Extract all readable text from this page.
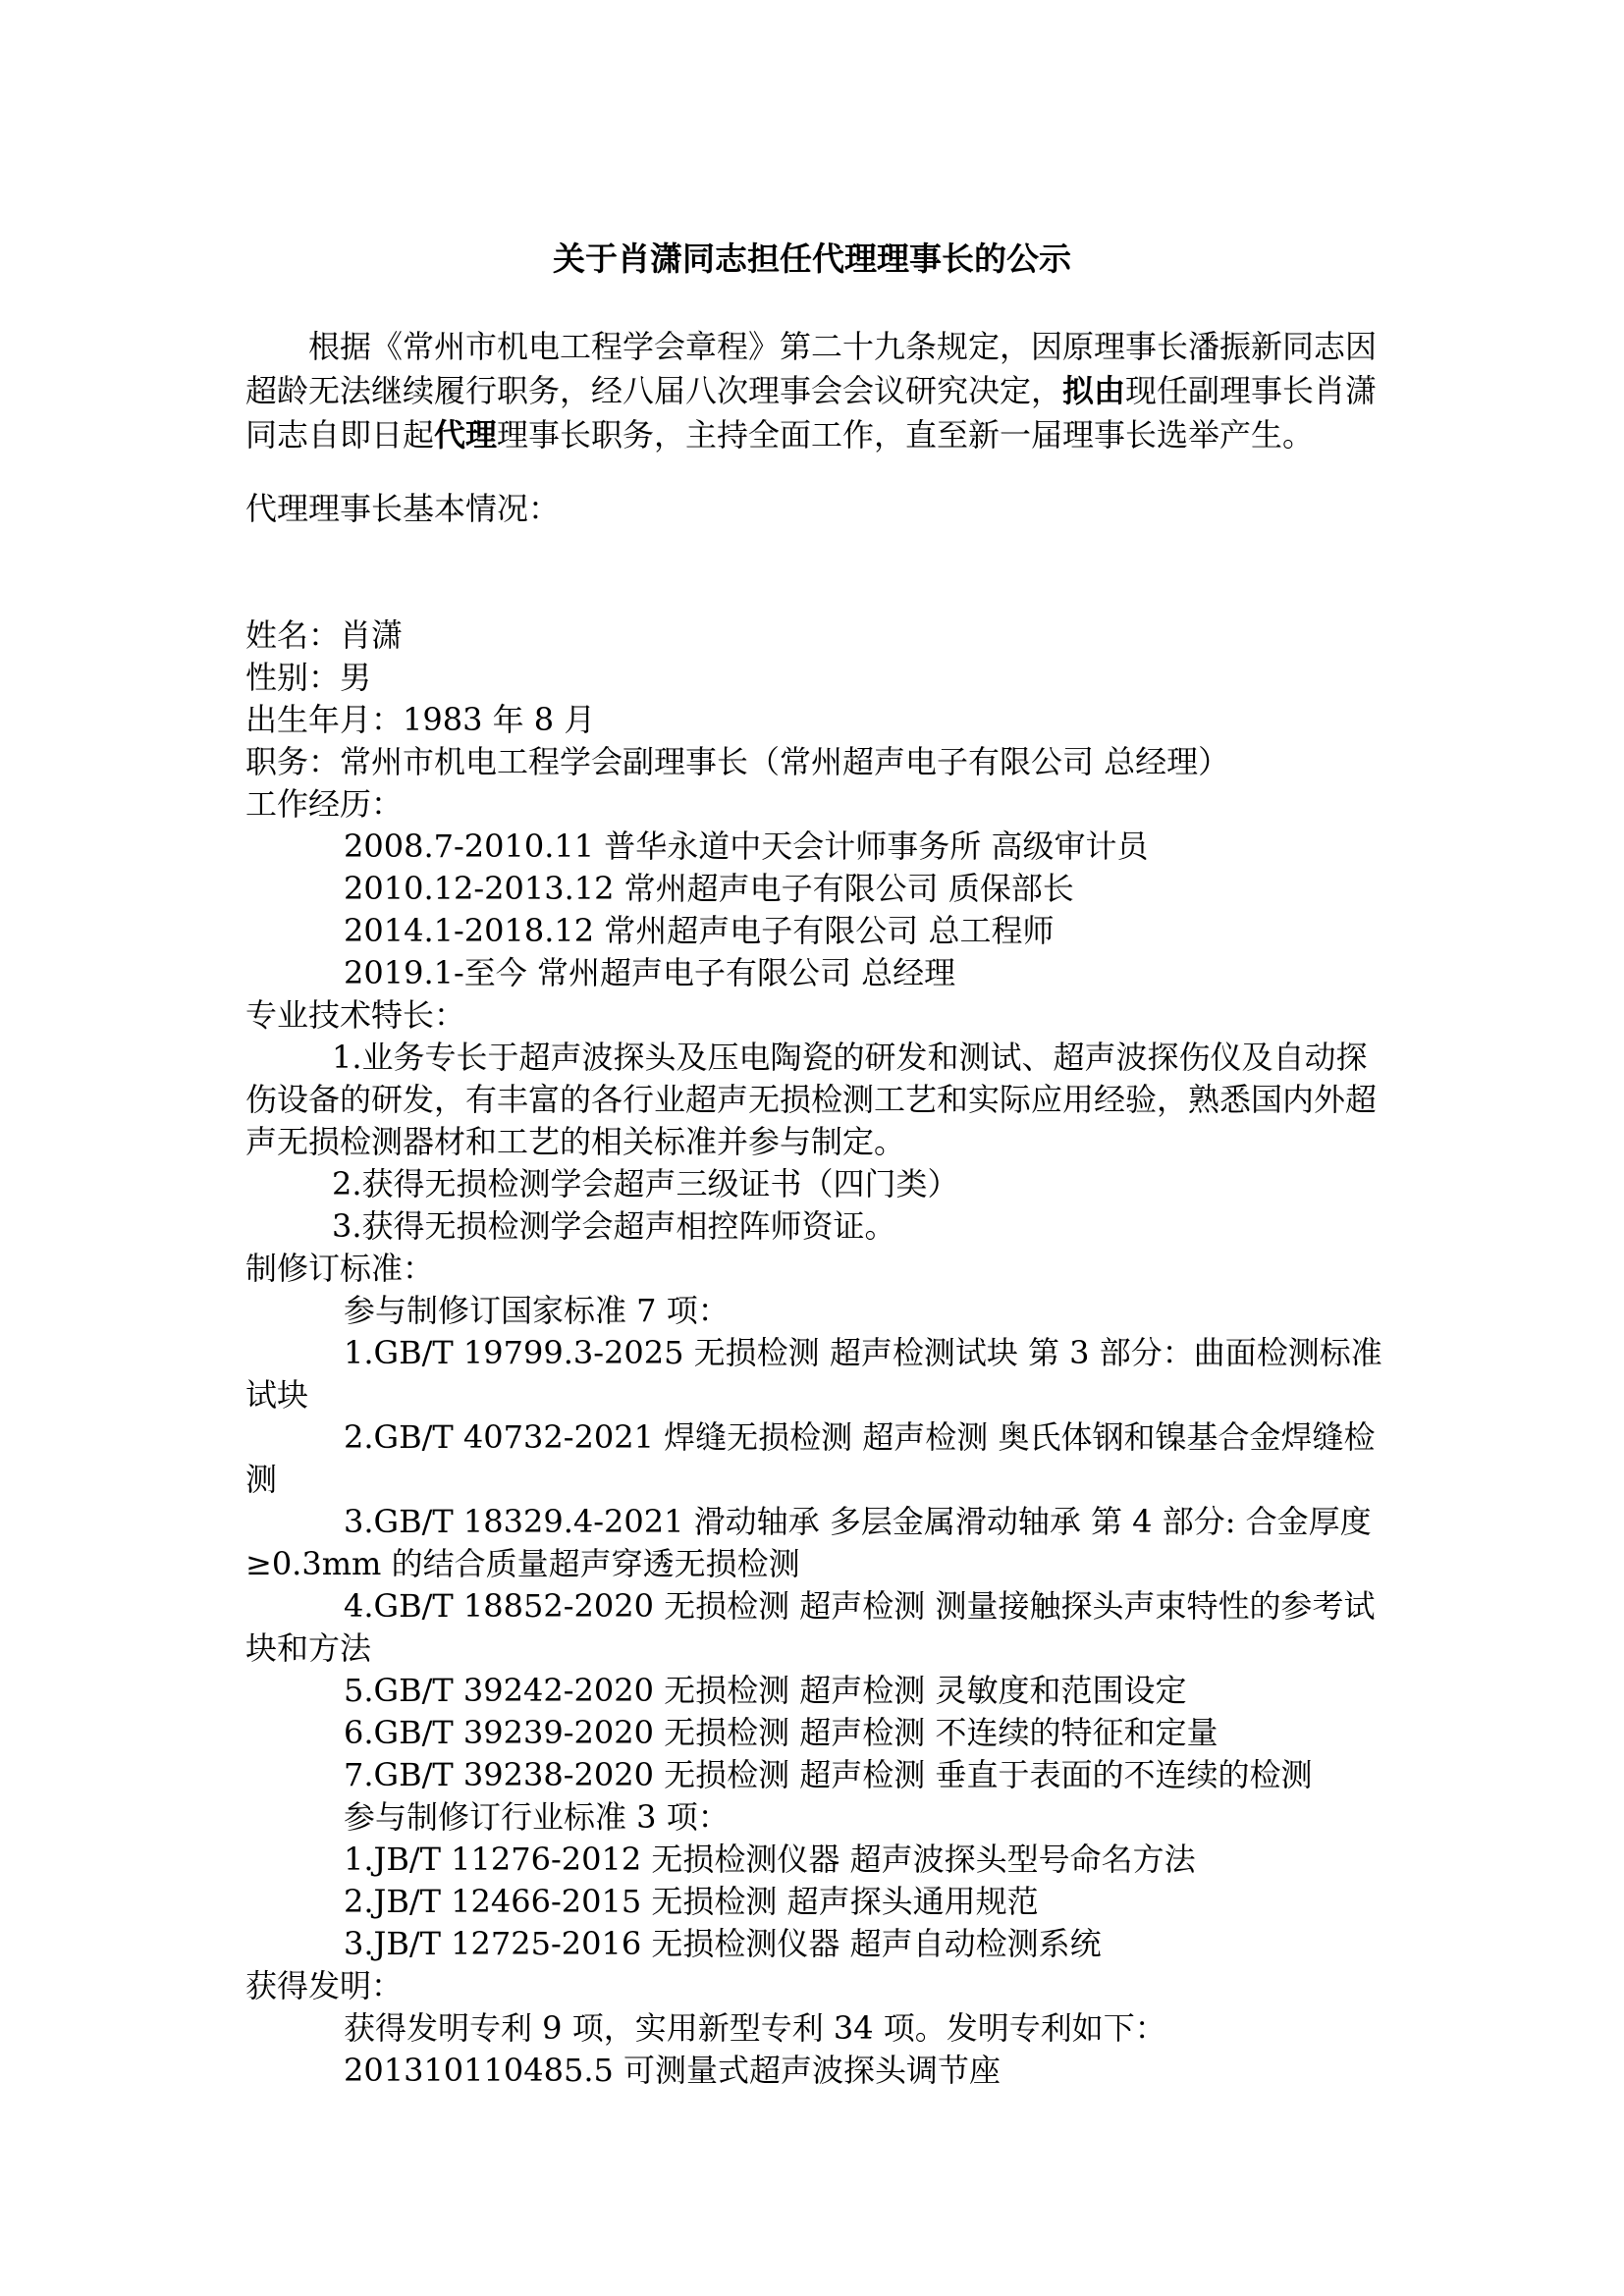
关于肖潇同志担任代理理事长的公示
根据《常州市机电工程学会章程》第二十九条规定，因原理事长潘振新同志因超龄无法继续履行职务，经八届八次理事会会议研究决定，拟由现任副理事长肖潇同志自即日起代理理事长职务，主持全面工作，直至新一届理事长选举产生。
代理理事长基本情况：
姓名：肖潇
性别：男
出生年月：1983 年 8 月
职务：常州市机电工程学会副理事长（常州超声电子有限公司 总经理）
工作经历：
2008.7-2010.11 普华永道中天会计师事务所 高级审计员
2010.12-2013.12 常州超声电子有限公司 质保部长
2014.1-2018.12 常州超声电子有限公司 总工程师
2019.1-至今 常州超声电子有限公司 总经理
专业技术特长：
1.业务专长于超声波探头及压电陶瓷的研发和测试、超声波探伤仪及自动探伤设备的研发，有丰富的各行业超声无损检测工艺和实际应用经验，熟悉国内外超声无损检测器材和工艺的相关标准并参与制定。
2.获得无损检测学会超声三级证书（四门类）
3.获得无损检测学会超声相控阵师资证。
制修订标准：
参与制修订国家标准 7 项：
1.GB/T 19799.3-2025 无损检测 超声检测试块 第 3 部分：曲面检测标准试块
2.GB/T 40732-2021 焊缝无损检测 超声检测 奥氏体钢和镍基合金焊缝检测
3.GB/T 18329.4-2021 滑动轴承 多层金属滑动轴承 第 4 部分: 合金厚度≥0.3mm 的结合质量超声穿透无损检测
4.GB/T 18852-2020 无损检测 超声检测 测量接触探头声束特性的参考试块和方法
5.GB/T 39242-2020 无损检测 超声检测 灵敏度和范围设定
6.GB/T 39239-2020 无损检测 超声检测 不连续的特征和定量
7.GB/T 39238-2020 无损检测 超声检测 垂直于表面的不连续的检测
参与制修订行业标准 3 项：
1.JB/T 11276-2012 无损检测仪器 超声波探头型号命名方法
2.JB/T 12466-2015 无损检测 超声探头通用规范
3.JB/T 12725-2016 无损检测仪器 超声自动检测系统
获得发明：
获得发明专利 9 项，实用新型专利 34 项。发明专利如下：
201310110485.5 可测量式超声波探头调节座
